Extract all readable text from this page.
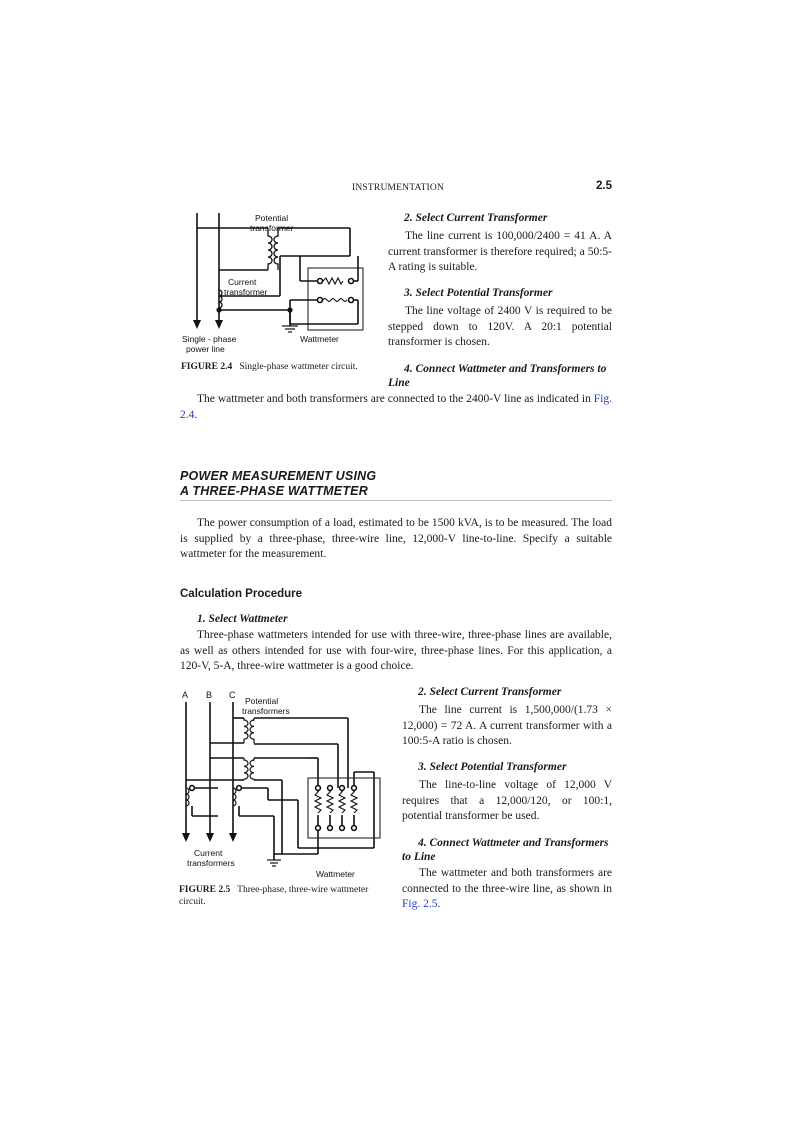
INSTRUMENTATION	2.5
Potential
transformer
Current
transformer
Single - phase
power line
Wattmeter
FIGURE 2.4 Single-phase wattmeter circuit.
2. Select Current Transformer
The line current is 100,000/2400 = 41 A. A current transformer is therefore required; a 50:5-A rating is suitable.
3. Select Potential Transformer
The line voltage of 2400 V is required to be stepped down to 120V. A 20:1 potential transformer is chosen.
4. Connect Wattmeter and Transformers to Line
The wattmeter and both transformers are connected to the 2400-V line as indicated in Fig. 2.4.
POWER MEASUREMENT USING
A THREE-PHASE WATTMETER
The power consumption of a load, estimated to be 1500 kVA, is to be measured. The load is supplied by a three-phase, three-wire line, 12,000-V line-to-line. Specify a suitable wattmeter for the measurement.
Calculation Procedure
1. Select Wattmeter
Three-phase wattmeters intended for use with three-wire, three-phase lines are available, as well as others intended for use with four-wire, three-phase lines. For this application, a 120-V, 5-A, three-wire wattmeter is a good choice.
A B C
Potential
transformers
Current
transformers
Wattmeter
FIGURE 2.5 Three-phase, three-wire wattmeter circuit.
2. Select Current Transformer
The line current is 1,500,000/(1.73 × 12,000) = 72 A. A current transformer with a 100:5-A ratio is chosen.
3. Select Potential Transformer
The line-to-line voltage of 12,000 V requires that a 12,000/120, or 100:1, potential transformer be used.
4. Connect Wattmeter and Transformers to Line
The wattmeter and both transformers are connected to the three-wire line, as shown in Fig. 2.5.
